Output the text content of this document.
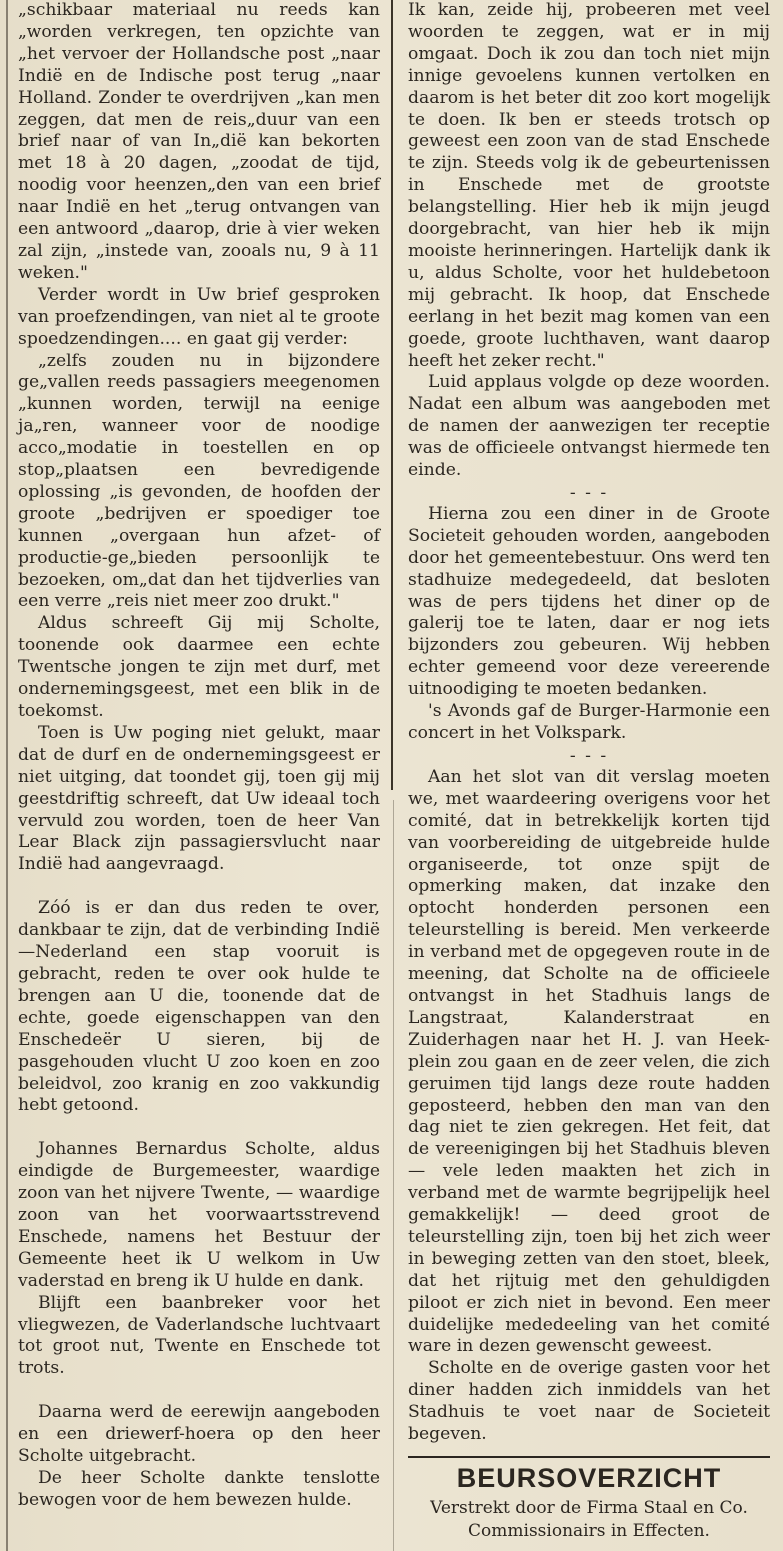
„schikbaar materiaal nu reeds kan „worden verkregen, ten opzichte van „het vervoer der Hollandsche post „naar Indië en de Indische post terug „naar Holland. Zonder te overdrijven „kan men zeggen, dat men de reis„duur van een brief naar of van In„dië kan bekorten met 18 à 20 dagen, „zoodat de tijd, noodig voor heenzen„den van een brief naar Indië en het „terug ontvangen van een antwoord „daarop, drie à vier weken zal zijn, „instede van, zooals nu, 9 à 11 weken."

Verder wordt in Uw brief gesproken van proefzendingen, van niet al te groote spoedzendingen.... en gaat gij verder:

„zelfs zouden nu in bijzondere ge„vallen reeds passagiers meegenomen „kunnen worden, terwijl na eenige ja„ren, wanneer voor de noodige acco„modatie in toestellen en op stop„plaatsen een bevredigende oplossing „is gevonden, de hoofden der groote „bedrijven er spoediger toe kunnen „overgaan hun afzet- of productie-ge„bieden persoonlijk te bezoeken, om„dat dan het tijdverlies van een verre „reis niet meer zoo drukt."

Aldus schreeft Gij mij Scholte, toonende ook daarmee een echte Twentsche jongen te zijn met durf, met ondernemingsgeest, met een blik in de toekomst.

Toen is Uw poging niet gelukt, maar dat de durf en de ondernemingsgeest er niet uitging, dat toondet gij, toen gij mij geestdriftig schreeft, dat Uw ideaal toch vervuld zou worden, toen de heer Van Lear Black zijn passagiersvlucht naar Indië had aangevraagd.

Zóó is er dan dus reden te over, dankbaar te zijn, dat de verbinding Indië—Nederland een stap vooruit is gebracht, reden te over ook hulde te brengen aan U die, toonende dat de echte, goede eigenschappen van den Enschedeër U sieren, bij de pasgehouden vlucht U zoo koen en zoo beleidvol, zoo kranig en zoo vakkundig hebt getoond.

Johannes Bernardus Scholte, aldus eindigde de Burgemeester, waardige zoon van het nijvere Twente, — waardige zoon van het voorwaartsstrevend Enschede, namens het Bestuur der Gemeente heet ik U welkom in Uw vaderstad en breng ik U hulde en dank.

Blijft een baanbreker voor het vliegwezen, de Vaderlandsche luchtvaart tot groot nut, Twente en Enschede tot trots.

Daarna werd de eerewijn aangeboden en een driewerf-hoera op den heer Scholte uitgebracht.

De heer Scholte dankte tenslotte bewogen voor de hem bewezen hulde.

Ik kan, zeide hij, probeeren met veel woorden te zeggen, wat er in mij omgaat. Doch ik zou dan toch niet mijn innige gevoelens kunnen vertolken en daarom is het beter dit zoo kort mogelijk te doen. Ik ben er steeds trotsch op geweest een zoon van de stad Enschede te zijn. Steeds volg ik de gebeurtenissen in Enschede met de grootste belangstelling. Hier heb ik mijn jeugd doorgebracht, van hier heb ik mijn mooiste herinneringen. Hartelijk dank ik u, aldus Scholte, voor het huldebetoon mij gebracht. Ik hoop, dat Enschede eerlang in het bezit mag komen van een goede, groote luchthaven, want daarop heeft het zeker recht."

Luid applaus volgde op deze woorden. Nadat een album was aangeboden met de namen der aanwezigen ter receptie was de officieele ontvangst hiermede ten einde.

- - -

Hierna zou een diner in de Groote Societeit gehouden worden, aangeboden door het gemeentebestuur. Ons werd ten stadhuize medegedeeld, dat besloten was de pers tijdens het diner op de galerij toe te laten, daar er nog iets bijzonders zou gebeuren. Wij hebben echter gemeend voor deze vereerende uitnoodiging te moeten bedanken.

's Avonds gaf de Burger-Harmonie een concert in het Volkspark.

- - -

Aan het slot van dit verslag moeten we, met waardeering overigens voor het comité, dat in betrekkelijk korten tijd van voorbereiding de uitgebreide hulde organiseerde, tot onze spijt de opmerking maken, dat inzake den optocht honderden personen een teleurstelling is bereid. Men verkeerde in verband met de opgegeven route in de meening, dat Scholte na de officieele ontvangst in het Stadhuis langs de Langstraat, Kalanderstraat en Zuiderhagen naar het H. J. van Heek-plein zou gaan en de zeer velen, die zich geruimen tijd langs deze route hadden geposteerd, hebben den man van den dag niet te zien gekregen. Het feit, dat de vereenigingen bij het Stadhuis bleven — vele leden maakten het zich in verband met de warmte begrijpelijk heel gemakkelijk! — deed groot de teleurstelling zijn, toen bij het zich weer in beweging zetten van den stoet, bleek, dat het rijtuig met den gehuldigden piloot er zich niet in bevond. Een meer duidelijke mededeeling van het comité ware in dezen gewenscht geweest.

Scholte en de overige gasten voor het diner hadden zich inmiddels van het Stadhuis te voet naar de Societeit begeven.

BEURSOVERZICHT

Verstrekt door de Firma Staal en Co.

Commissionairs in Effecten.
